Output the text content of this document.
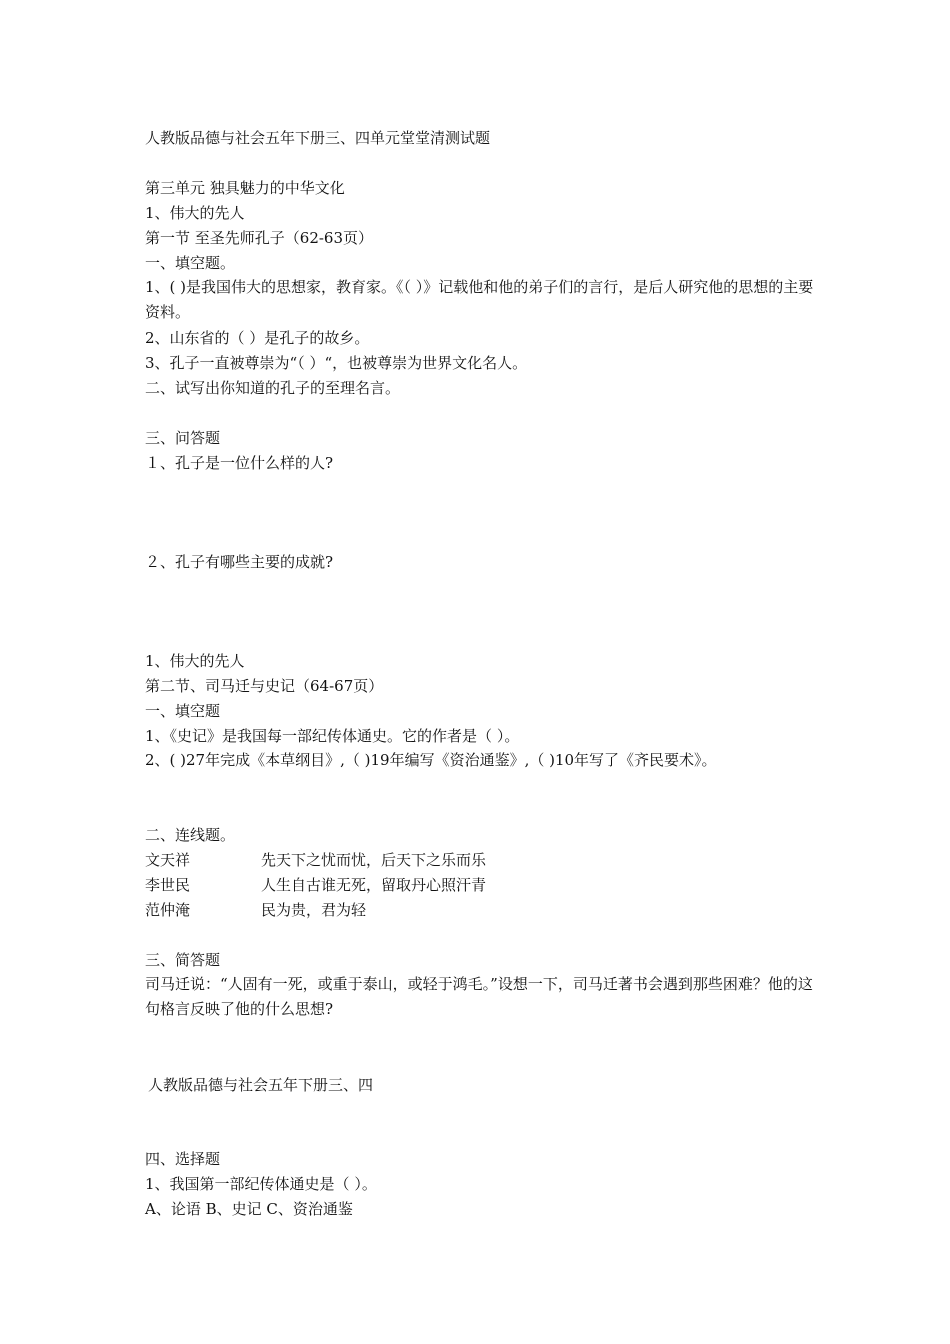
人教版品德与社会五年下册三、四单元堂堂清测试题
第三单元 独具魅力的中华文化
1、伟大的先人
第一节 至圣先师孔子（62-63页）
一、填空题。
1、( )是我国伟大的思想家，教育家。《（ ）》记载他和他的弟子们的言行，是后人研究他的思想的主要资料。
2、山东省的（ ）是孔子的故乡。
3、孔子一直被尊崇为“（ ）“，也被尊崇为世界文化名人。
二、试写出你知道的孔子的至理名言。
三、问答题
１、孔子是一位什么样的人?
２、孔子有哪些主要的成就?
1、伟大的先人
第二节、司马迁与史记（64-67页）
一、填空题
1、《史记》是我国每一部纪传体通史。它的作者是（ ）。
2、( )27年完成《本草纲目》,（ )19年编写《资治通鉴》,（ )10年写了《齐民要术》。
二、连线题。
文天祥	先天下之忧而忧，后天下之乐而乐
李世民	人生自古谁无死，留取丹心照汗青
范仲淹	民为贵，君为轻
三、简答题
司马迁说：“人固有一死，或重于泰山，或轻于鸿毛。”设想一下，司马迁著书会遇到那些困难？他的这句格言反映了他的什么思想?
人教版品德与社会五年下册三、四
四、选择题
1、我国第一部纪传体通史是（ ）。
A、论语 B、史记 C、资治通鉴
